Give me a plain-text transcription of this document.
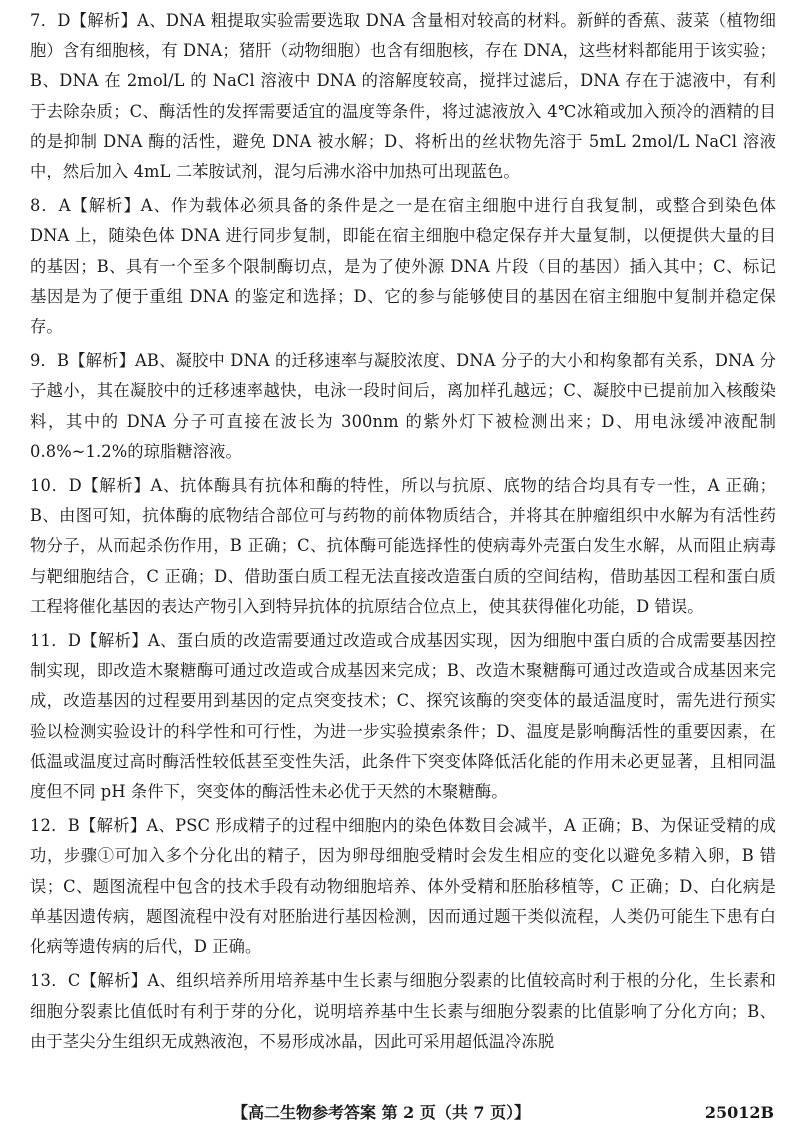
7．D【解析】A、DNA 粗提取实验需要选取 DNA 含量相对较高的材料。新鲜的香蕉、菠菜（植物细胞）含有细胞核，有 DNA；猪肝（动物细胞）也含有细胞核，存在 DNA，这些材料都能用于该实验；B、DNA 在 2mol/L 的 NaCl 溶液中 DNA 的溶解度较高，搅拌过滤后，DNA 存在于滤液中，有利于去除杂质；C、酶活性的发挥需要适宜的温度等条件，将过滤液放入 4℃冰箱或加入预冷的酒精的目的是抑制 DNA 酶的活性，避免 DNA 被水解；D、将析出的丝状物先溶于 5mL 2mol/L NaCl 溶液中，然后加入 4mL 二苯胺试剂，混匀后沸水浴中加热可出现蓝色。

8．A【解析】A、作为载体必须具备的条件是之一是在宿主细胞中进行自我复制，或整合到染色体 DNA 上，随染色体 DNA 进行同步复制，即能在宿主细胞中稳定保存并大量复制，以便提供大量的目的基因；B、具有一个至多个限制酶切点，是为了使外源 DNA 片段（目的基因）插入其中；C、标记基因是为了便于重组 DNA 的鉴定和选择；D、它的参与能够使目的基因在宿主细胞中复制并稳定保存。

9．B【解析】AB、凝胶中 DNA 的迁移速率与凝胶浓度、DNA 分子的大小和构象都有关系，DNA 分子越小，其在凝胶中的迁移速率越快，电泳一段时间后，离加样孔越远；C、凝胶中已提前加入核酸染料，其中的 DNA 分子可直接在波长为 300nm 的紫外灯下被检测出来；D、用电泳缓冲液配制 0.8%~1.2%的琼脂糖溶液。

10．D【解析】A、抗体酶具有抗体和酶的特性，所以与抗原、底物的结合均具有专一性，A 正确；B、由图可知，抗体酶的底物结合部位可与药物的前体物质结合，并将其在肿瘤组织中水解为有活性药物分子，从而起杀伤作用，B 正确；C、抗体酶可能选择性的使病毒外壳蛋白发生水解，从而阻止病毒与靶细胞结合，C 正确；D、借助蛋白质工程无法直接改造蛋白质的空间结构，借助基因工程和蛋白质工程将催化基因的表达产物引入到特异抗体的抗原结合位点上，使其获得催化功能，D 错误。

11．D【解析】A、蛋白质的改造需要通过改造或合成基因实现，因为细胞中蛋白质的合成需要基因控制实现，即改造木聚糖酶可通过改造或合成基因来完成；B、改造木聚糖酶可通过改造或合成基因来完成，改造基因的过程要用到基因的定点突变技术；C、探究该酶的突变体的最适温度时，需先进行预实验以检测实验设计的科学性和可行性，为进一步实验摸索条件；D、温度是影响酶活性的重要因素，在低温或温度过高时酶活性较低甚至变性失活，此条件下突变体降低活化能的作用未必更显著，且相同温度但不同 pH 条件下，突变体的酶活性未必优于天然的木聚糖酶。

12．B【解析】A、PSC 形成精子的过程中细胞内的染色体数目会减半，A 正确；B、为保证受精的成功，步骤①可加入多个分化出的精子，因为卵母细胞受精时会发生相应的变化以避免多精入卵，B 错误；C、题图流程中包含的技术手段有动物细胞培养、体外受精和胚胎移植等，C 正确；D、白化病是单基因遗传病，题图流程中没有对胚胎进行基因检测，因而通过题干类似流程，人类仍可能生下患有白化病等遗传病的后代，D 正确。

13．C【解析】A、组织培养所用培养基中生长素与细胞分裂素的比值较高时利于根的分化，生长素和细胞分裂素比值低时有利于芽的分化，说明培养基中生长素与细胞分裂素的比值影响了分化方向；B、由于茎尖分生组织无成熟液泡，不易形成冰晶，因此可采用超低温冷冻脱

【高二生物参考答案 第 2 页（共 7 页）】	25012B
